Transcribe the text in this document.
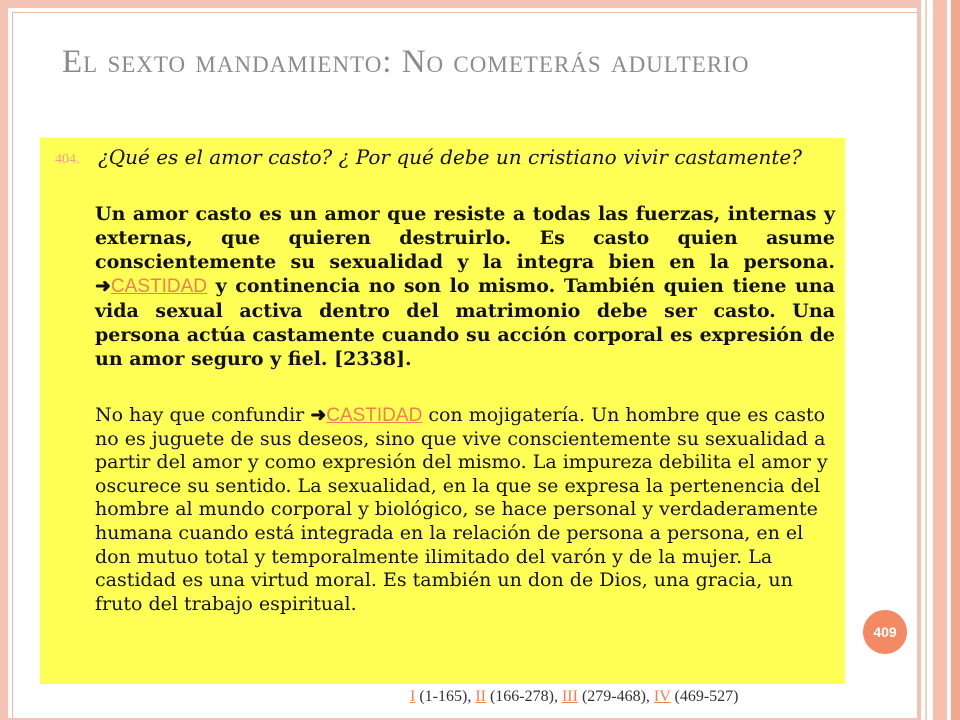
El sexto mandamiento: No cometerás adulterio
404. ¿Qué es el amor casto? ¿ Por qué debe un cristiano vivir castamente?
Un amor casto es un amor que resiste a todas las fuerzas, internas y externas, que quieren destruirlo. Es casto quien asume conscientemente su sexualidad y la integra bien en la persona. ➜CASTIDAD y continencia no son lo mismo. También quien tiene una vida sexual activa dentro del matrimonio debe ser casto. Una persona actúa castamente cuando su acción corporal es expresión de un amor seguro y fiel. [2338].
No hay que confundir ➜CASTIDAD con mojigatería. Un hombre que es casto no es juguete de sus deseos, sino que vive conscientemente su sexualidad a partir del amor y como expresión del mismo. La impureza debilita el amor y oscurece su sentido. La sexualidad, en la que se expresa la pertenencia del hombre al mundo corporal y biológico, se hace personal y verdaderamente humana cuando está integrada en la relación de persona a persona, en el don mutuo total y temporalmente ilimitado del varón y de la mujer. La castidad es una virtud moral. Es también un don de Dios, una gracia, un fruto del trabajo espiritual.
409
I (1-165), II (166-278), III (279-468), IV (469-527)
